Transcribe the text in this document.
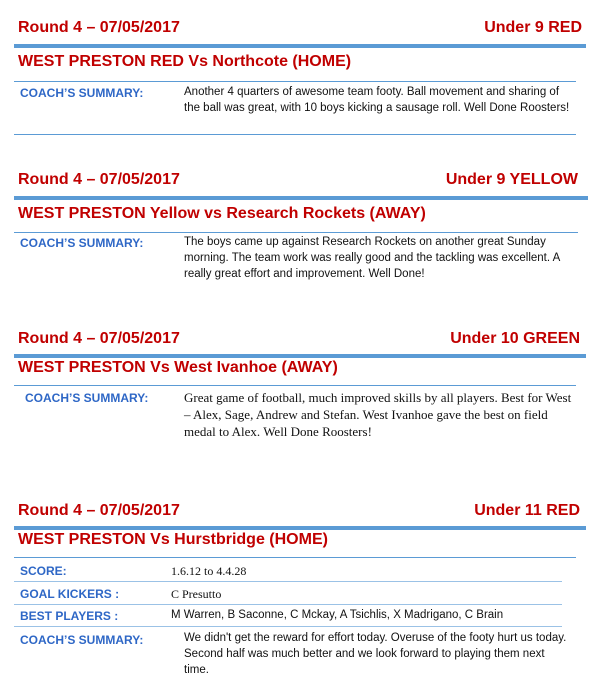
Round 4 – 07/05/2017	Under 9 RED
WEST PRESTON RED Vs Northcote (HOME)
COACH’S SUMMARY:	Another 4 quarters of awesome team footy. Ball movement and sharing of the ball was great, with 10 boys kicking a sausage roll. Well Done Roosters!
Round 4 – 07/05/2017	Under 9 YELLOW
WEST PRESTON Yellow vs Research Rockets (AWAY)
COACH’S SUMMARY:	The boys came up against Research Rockets on another great Sunday morning. The team work was really good and the tackling was excellent. A really great effort and improvement. Well Done!
Round 4 – 07/05/2017	Under 10 GREEN
WEST PRESTON Vs West Ivanhoe (AWAY)
COACH’S SUMMARY:	Great game of football, much improved skills by all players. Best for West – Alex, Sage, Andrew and Stefan. West Ivanhoe gave the best on field medal to Alex. Well Done Roosters!
Round 4 – 07/05/2017	Under 11 RED
WEST PRESTON Vs Hurstbridge (HOME)
SCORE:	1.6.12 to 4.4.28
GOAL KICKERS :	C Presutto
BEST PLAYERS :	M Warren, B Saconne, C Mckay, A Tsichlis, X Madrigano, C Brain
COACH’S SUMMARY:	We didn't get the reward for effort today. Overuse of the footy hurt us today. Second half was much better and we look forward to playing them next time.
